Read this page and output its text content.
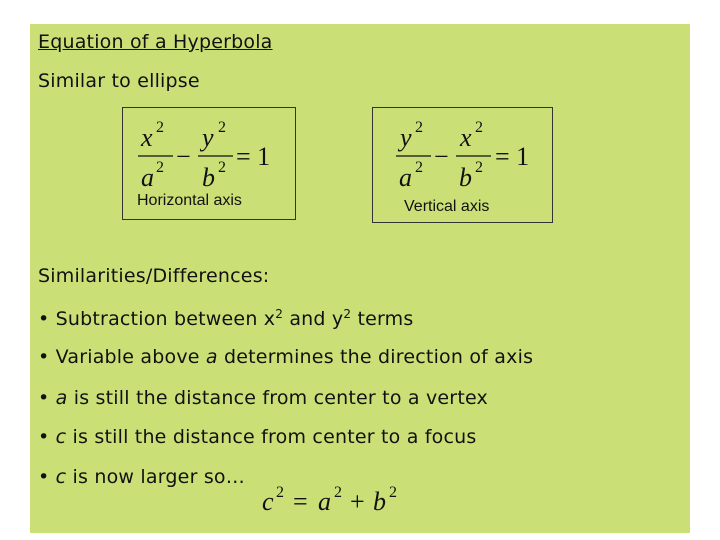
Equation of a Hyperbola
Similar to ellipse
x 2
a 2 −
y 2
b 2 = 1
Horizontal axis
y 2
a 2 −
x 2
b 2 = 1
Vertical axis
Similarities/Differences:
• Subtraction between $x^2$ and $y^2$ terms
• Variable above a determines the direction of axis
• a is still the distance from center to a vertex
• c is still the distance from center to a focus
• c is now larger so…
c 2 = a 2 + b 2
